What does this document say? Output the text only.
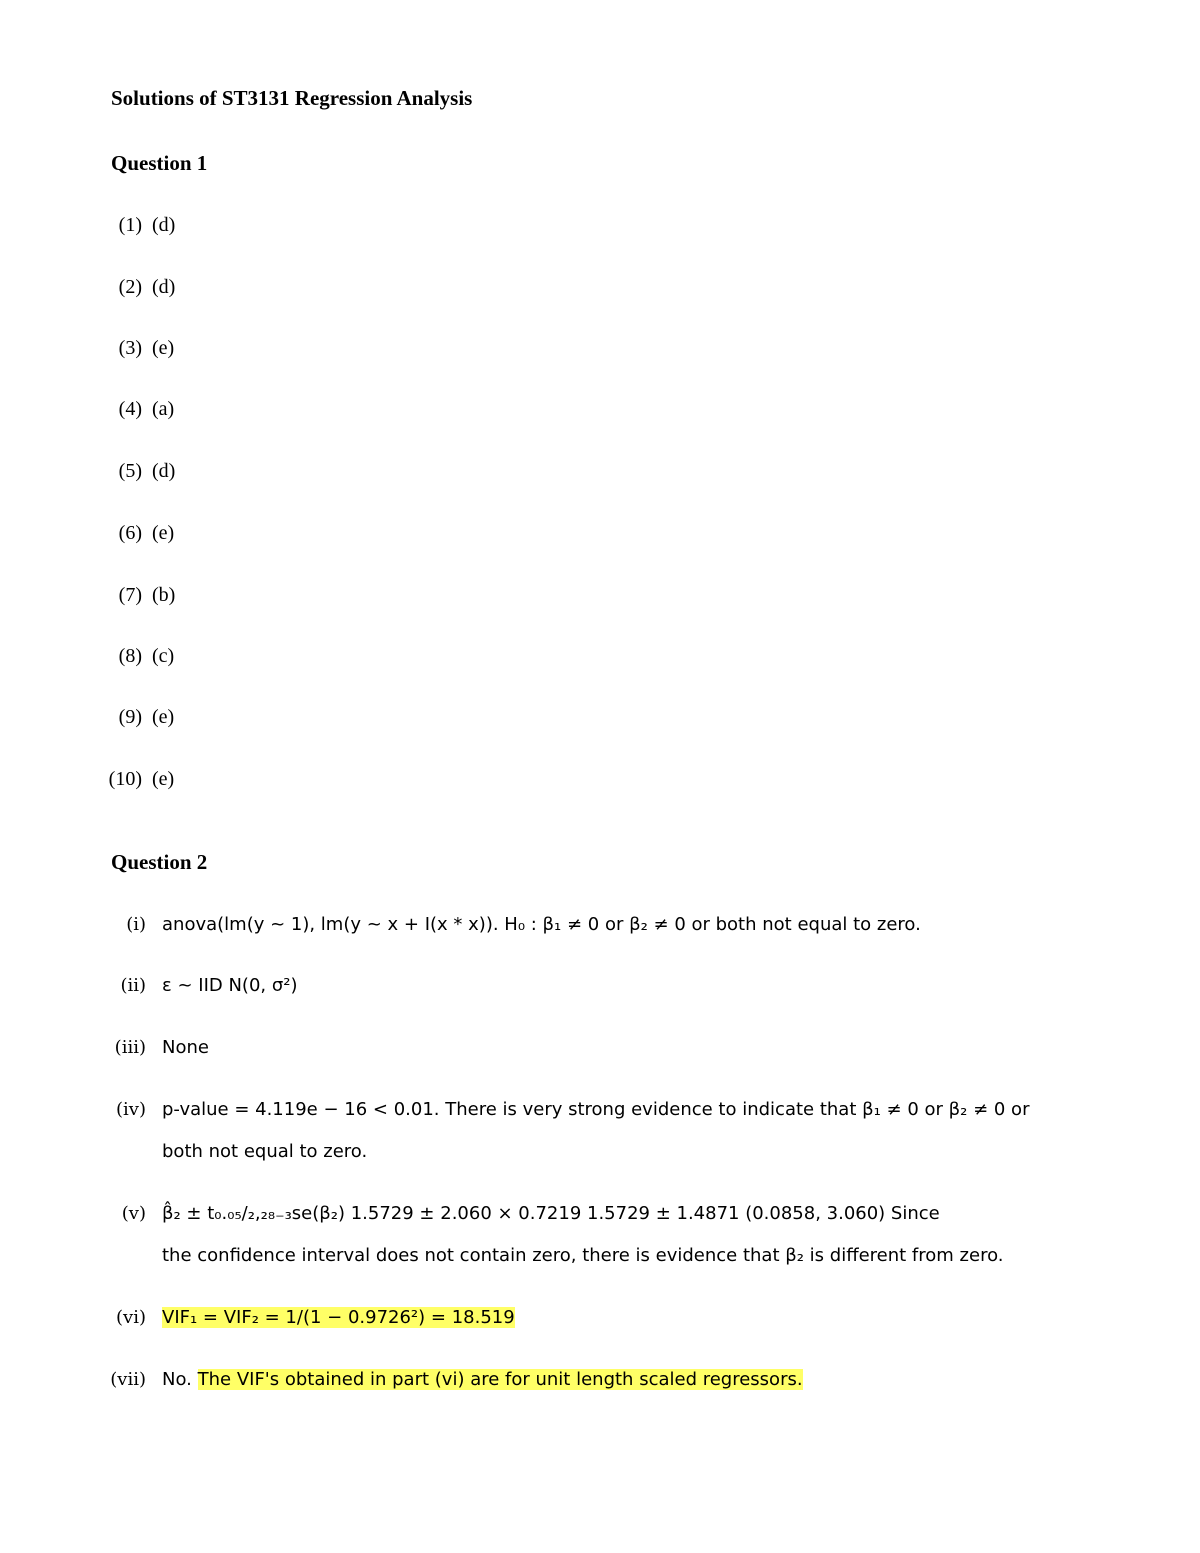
Solutions of ST3131 Regression Analysis
Question 1
(1) (d)
(2) (d)
(3) (e)
(4) (a)
(5) (d)
(6) (e)
(7) (b)
(8) (c)
(9) (e)
(10) (e)
Question 2
(i) anova(lm(y ~ 1), lm(y ~ x + I(x * x)). H₀ : β₁ ≠ 0 or β₂ ≠ 0 or both not equal to zero.
(ii) ε ~ IID N(0, σ²)
(iii) None
(iv) p-value = 4.119e − 16 < 0.01. There is very strong evidence to indicate that β₁ ≠ 0 or β₂ ≠ 0 or
both not equal to zero.
(v) β̂₂ ± t₀.₀₅/₂,₂₈₋₃se(β₂) 1.5729 ± 2.060 × 0.7219 1.5729 ± 1.4871 (0.0858, 3.060) Since
the confidence interval does not contain zero, there is evidence that β₂ is different from zero.
(vi) VIF₁ = VIF₂ = 1/(1 − 0.9726²) = 18.519
(vii) No. The VIF's obtained in part (vi) are for unit length scaled regressors.
